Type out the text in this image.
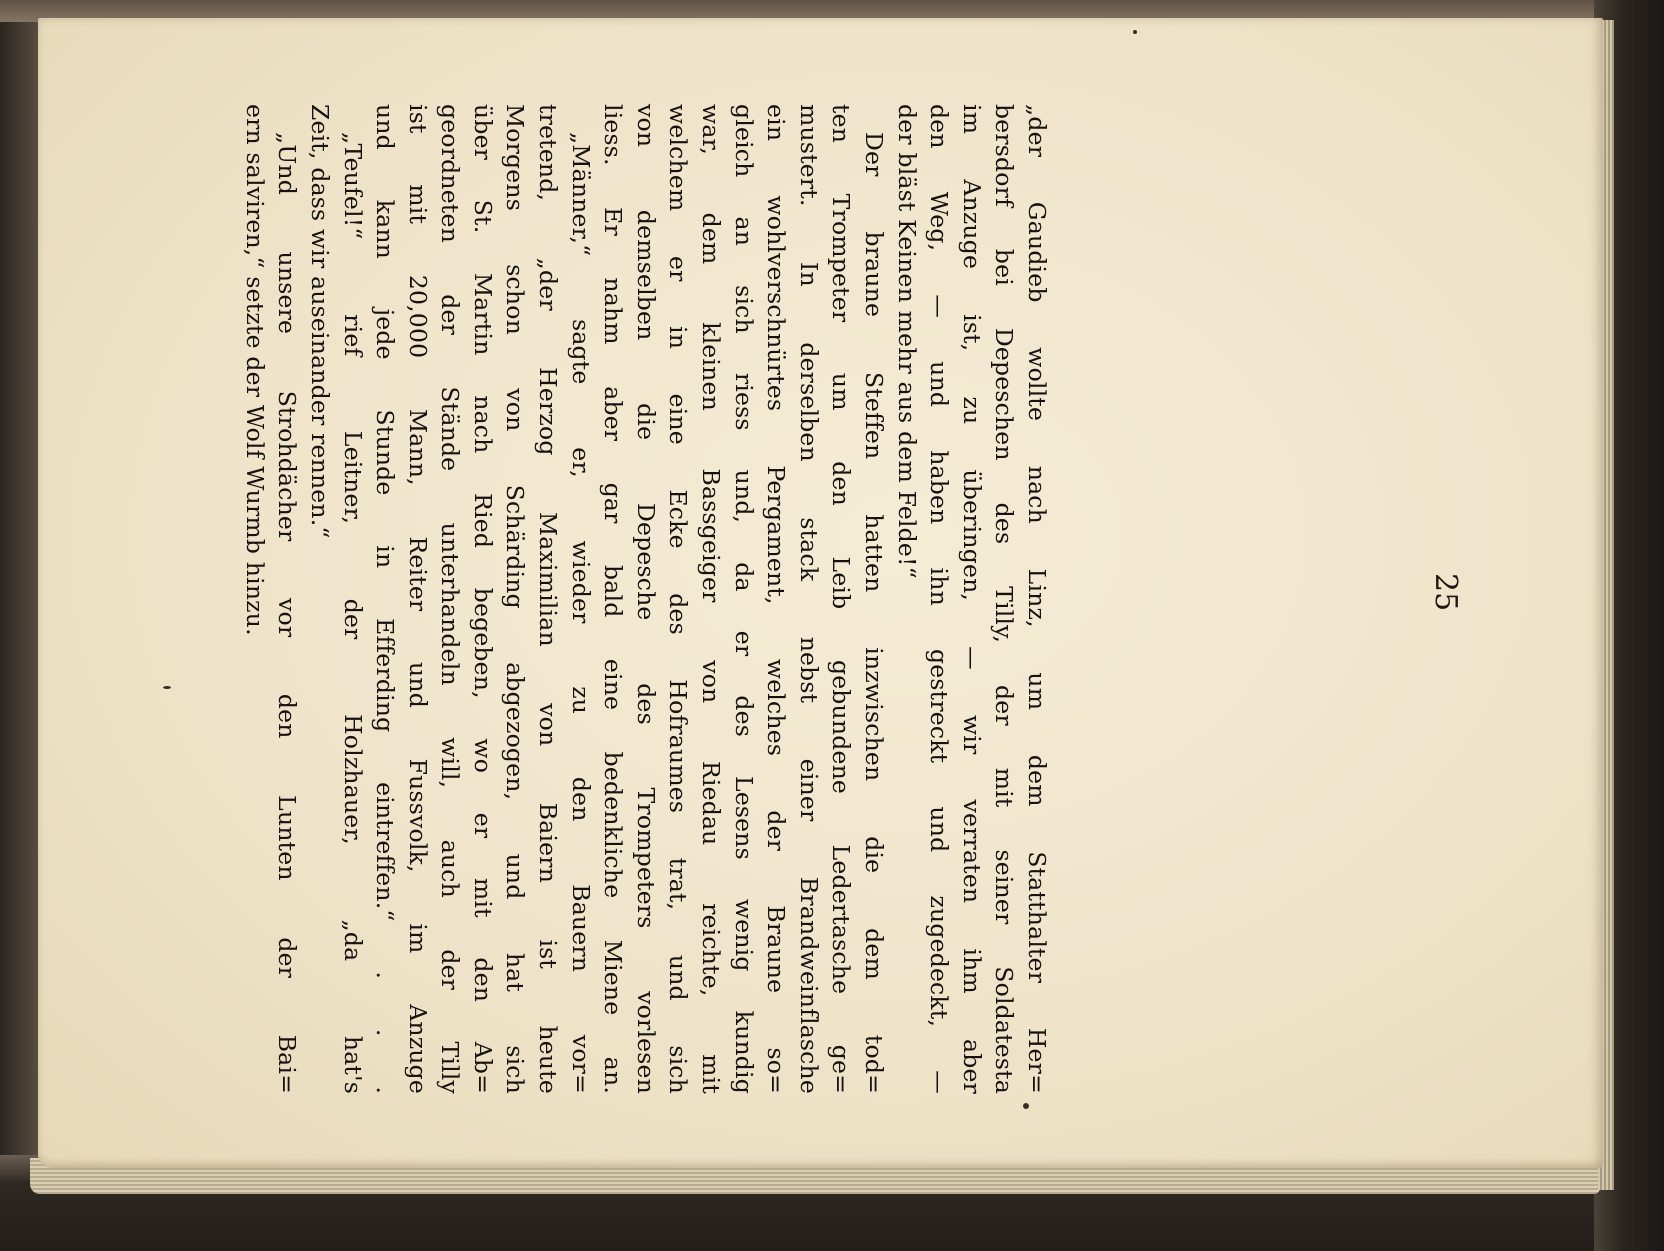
25
„der Gaudieb wollte nach Linz, um dem Statthalter Her=
bersdorf bei Depeschen des Tilly, der mit seiner Soldatesta
im Anzuge ist, zu überingen, — wir verraten ihm aber
den Weg, — und haben ihn gestreckt und zugedeckt, —
der bläst Keinen mehr aus dem Felde!“
Der braune Steffen hatten inzwischen die dem tod=
ten Trompeter um den Leib gebundene Ledertasche ge=
mustert. In derselben stack nebst einer Brandweinflasche
ein wohlverschnürtes Pergament, welches der Braune so=
gleich an sich riess und, da er des Lesens wenig kundig
war, dem kleinen Bassgeiger von Riedau reichte, mit
welchem er in eine Ecke des Hofraumes trat, und sich
von demselben die Depesche des Trompeters vorlesen
liess. Er nahm aber gar bald eine bedenkliche Miene an.
„Männer,“ sagte er, wieder zu den Bauern vor=
tretend, „der Herzog Maximilian von Baiern ist heute
Morgens schon von Schärding abgezogen, und hat sich
über St. Martin nach Ried begeben, wo er mit den Ab=
geordneten der Stände unterhandeln will, auch der Tilly
ist mit 20,000 Mann, Reiter und Fussvolk, im Anzuge
und kann jede Stunde in Efferding eintreffen.“ . . .
„Teufel!“ rief Leitner, der Holzhauer, „da hat's
Zeit, dass wir auseinander rennen.“
„Und unsere Strohdächer vor den Lunten der Bai=
ern salviren,“ setzte der Wolf Wurmb hinzu.
